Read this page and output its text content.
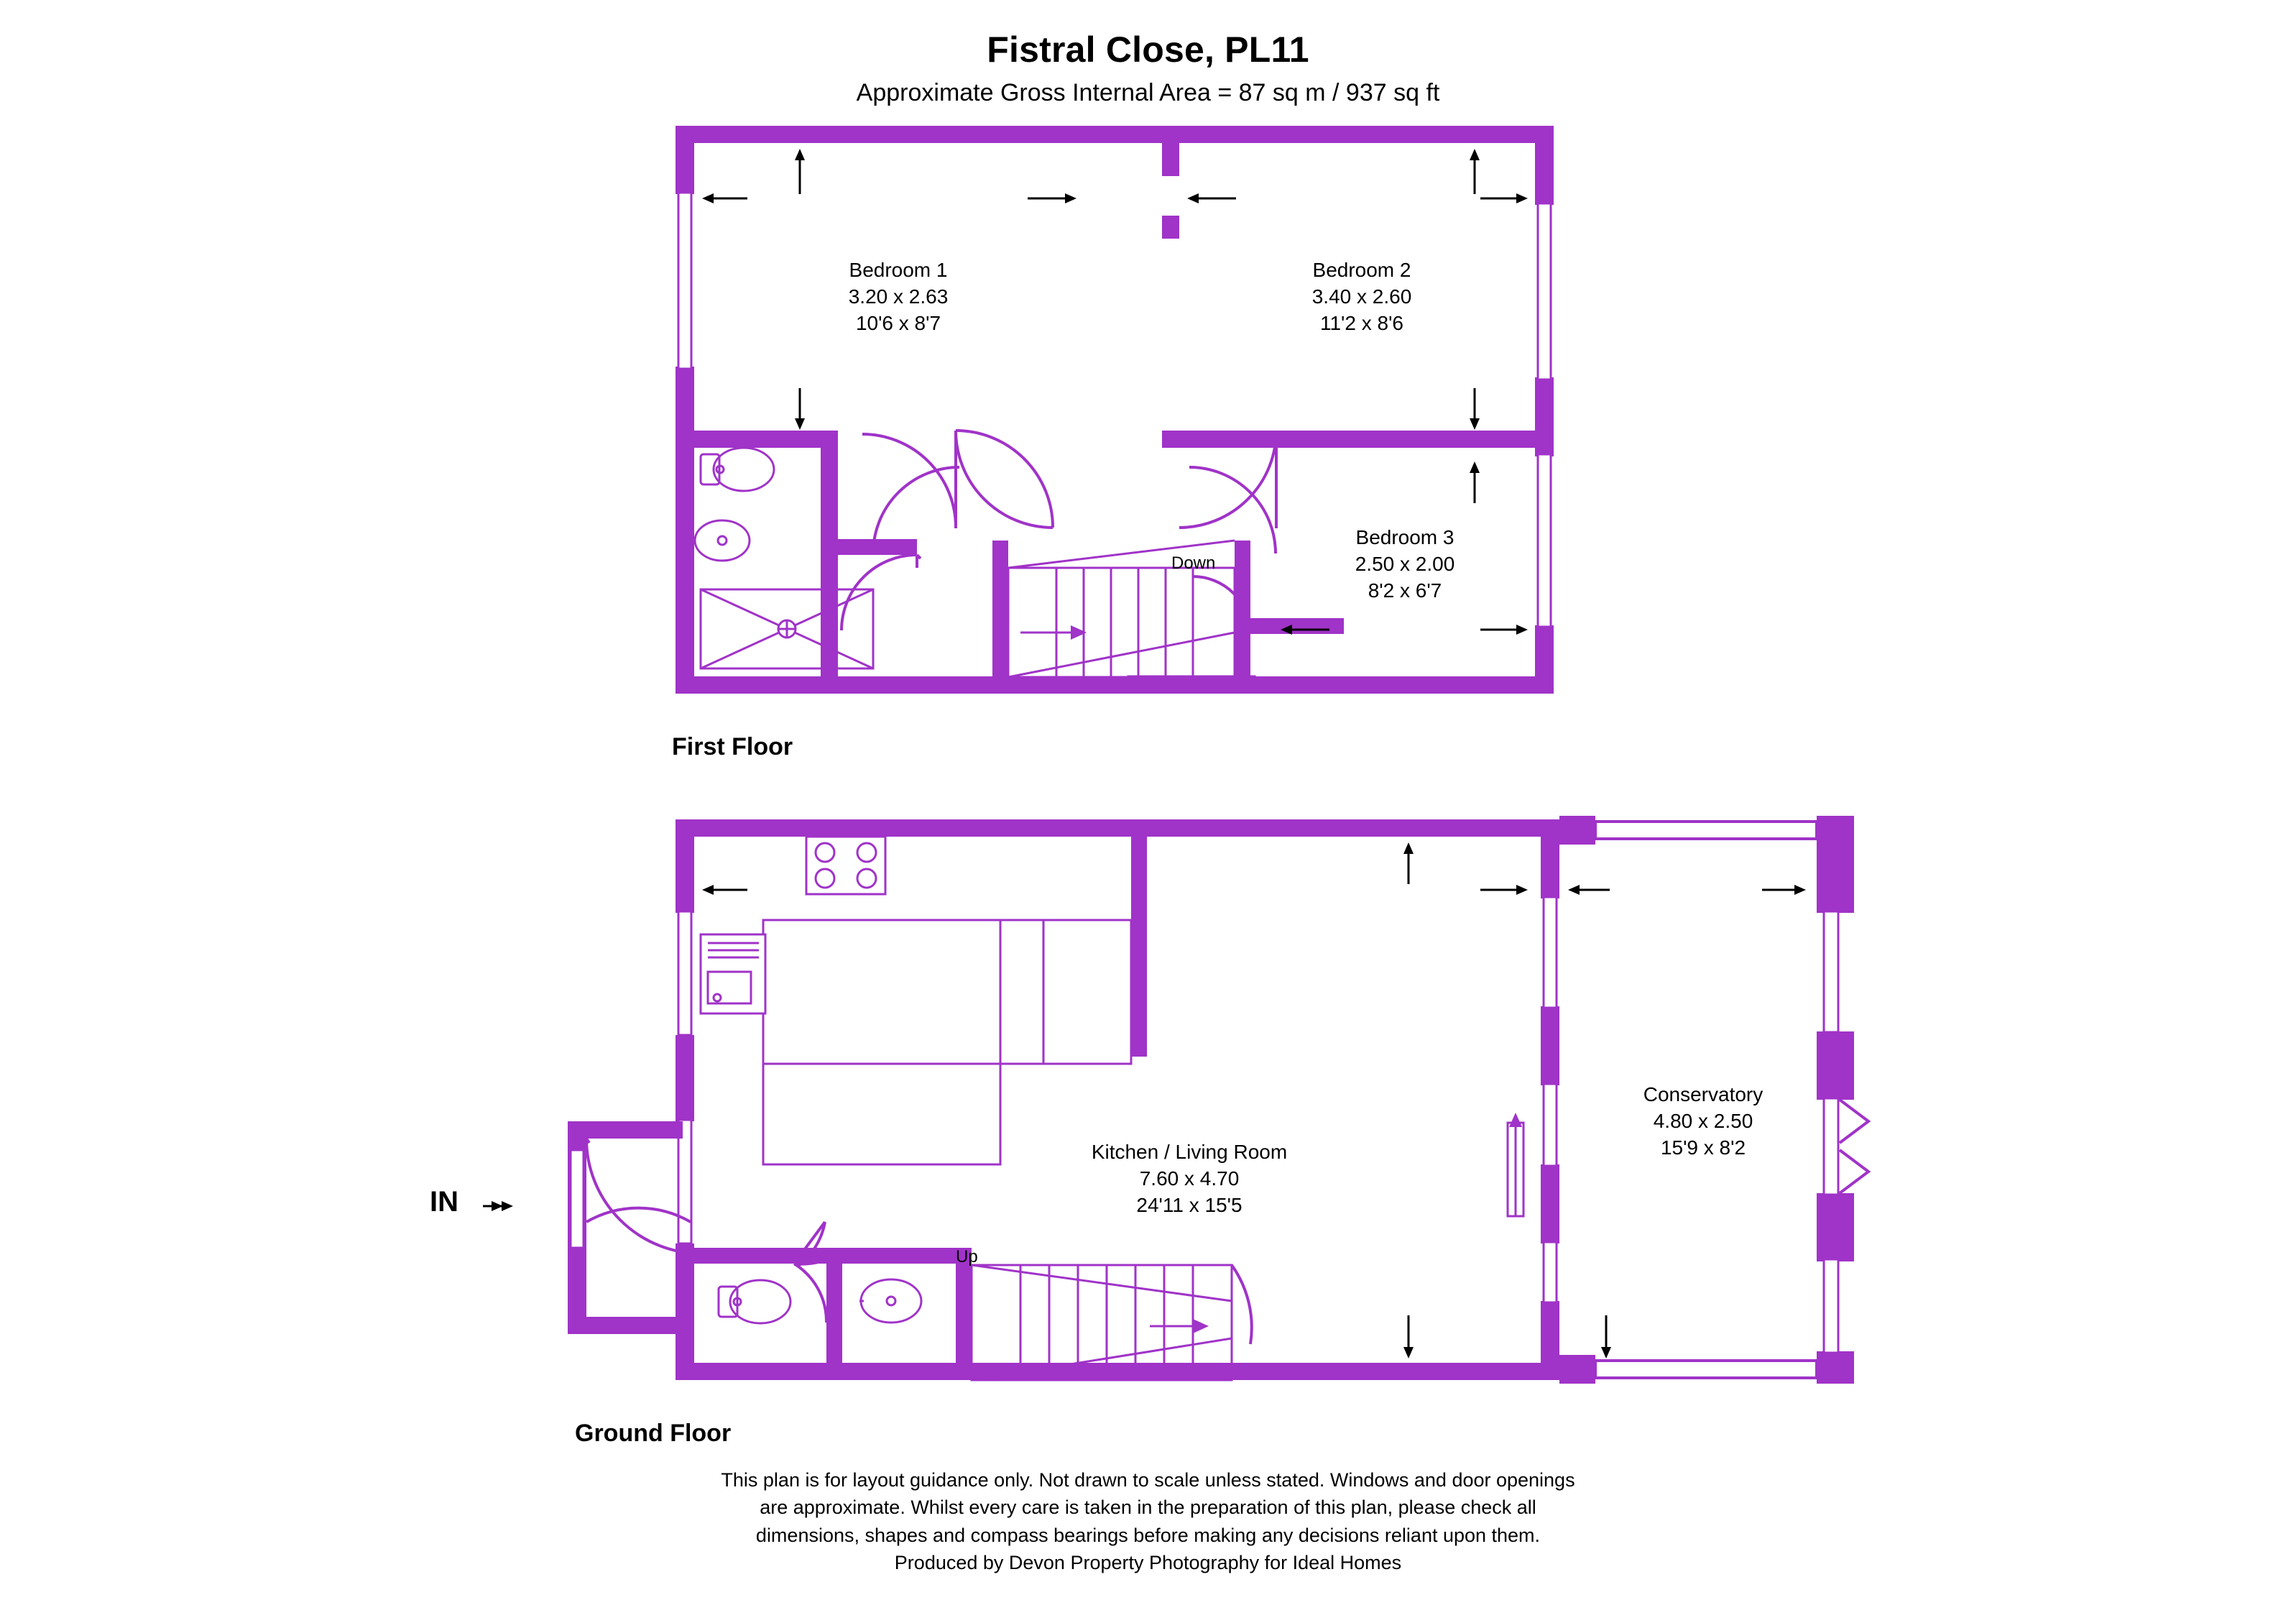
Fistral Close, PL11
Approximate Gross Internal Area = 87 sq m / 937 sq ft
Bedroom 1
3.20 x 2.63
10'6 x 8'7
Bedroom 2
3.40 x 2.60
11'2 x 8'6
Bedroom 3
2.50 x 2.00
8'2 x 6'7
Down
First Floor
Kitchen / Living Room
7.60 x 4.70
24'11 x 15'5
Conservatory
4.80 x 2.50
15'9 x 8'2
Up
IN
Ground Floor
This plan is for layout guidance only. Not drawn to scale unless stated. Windows and door openings
are approximate. Whilst every care is taken in the preparation of this plan, please check all
dimensions, shapes and compass bearings before making any decisions reliant upon them.
Produced by Devon Property Photography for Ideal Homes
